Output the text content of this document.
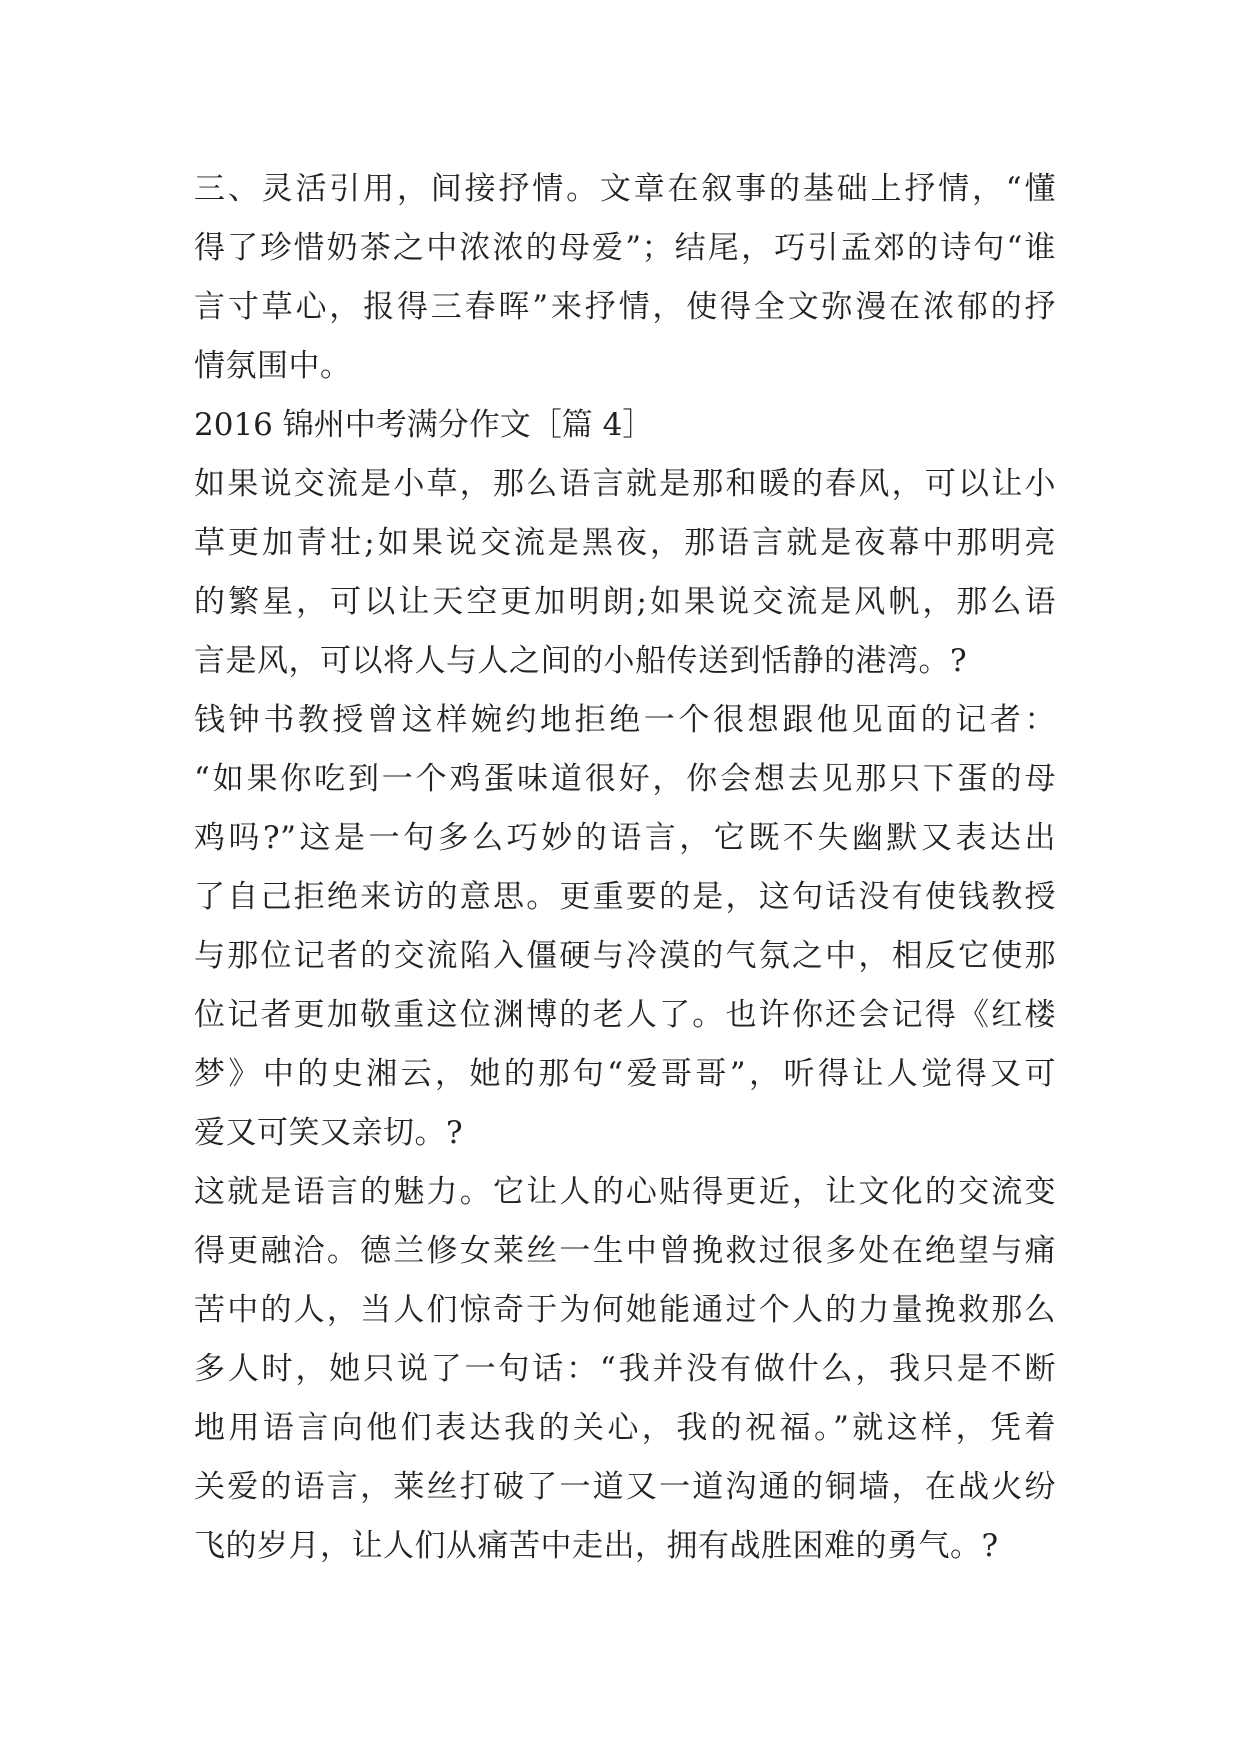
三、灵活引用，间接抒情。文章在叙事的基础上抒情，“懂
得了珍惜奶茶之中浓浓的母爱”；结尾，巧引孟郊的诗句“谁
言寸草心，报得三春晖”来抒情，使得全文弥漫在浓郁的抒
情氛围中。
2016 锦州中考满分作文［篇 4］
如果说交流是小草，那么语言就是那和暖的春风，可以让小
草更加青壮;如果说交流是黑夜，那语言就是夜幕中那明亮
的繁星，可以让天空更加明朗;如果说交流是风帆，那么语
言是风，可以将人与人之间的小船传送到恬静的港湾。?
钱钟书教授曾这样婉约地拒绝一个很想跟他见面的记者：
“如果你吃到一个鸡蛋味道很好，你会想去见那只下蛋的母
鸡吗?”这是一句多么巧妙的语言，它既不失幽默又表达出
了自己拒绝来访的意思。更重要的是，这句话没有使钱教授
与那位记者的交流陷入僵硬与冷漠的气氛之中，相反它使那
位记者更加敬重这位渊博的老人了。也许你还会记得《红楼
梦》中的史湘云，她的那句“爱哥哥”，听得让人觉得又可
爱又可笑又亲切。?
这就是语言的魅力。它让人的心贴得更近，让文化的交流变
得更融洽。德兰修女莱丝一生中曾挽救过很多处在绝望与痛
苦中的人，当人们惊奇于为何她能通过个人的力量挽救那么
多人时，她只说了一句话：“我并没有做什么，我只是不断
地用语言向他们表达我的关心，我的祝福。”就这样，凭着
关爱的语言，莱丝打破了一道又一道沟通的铜墙，在战火纷
飞的岁月，让人们从痛苦中走出，拥有战胜困难的勇气。?
